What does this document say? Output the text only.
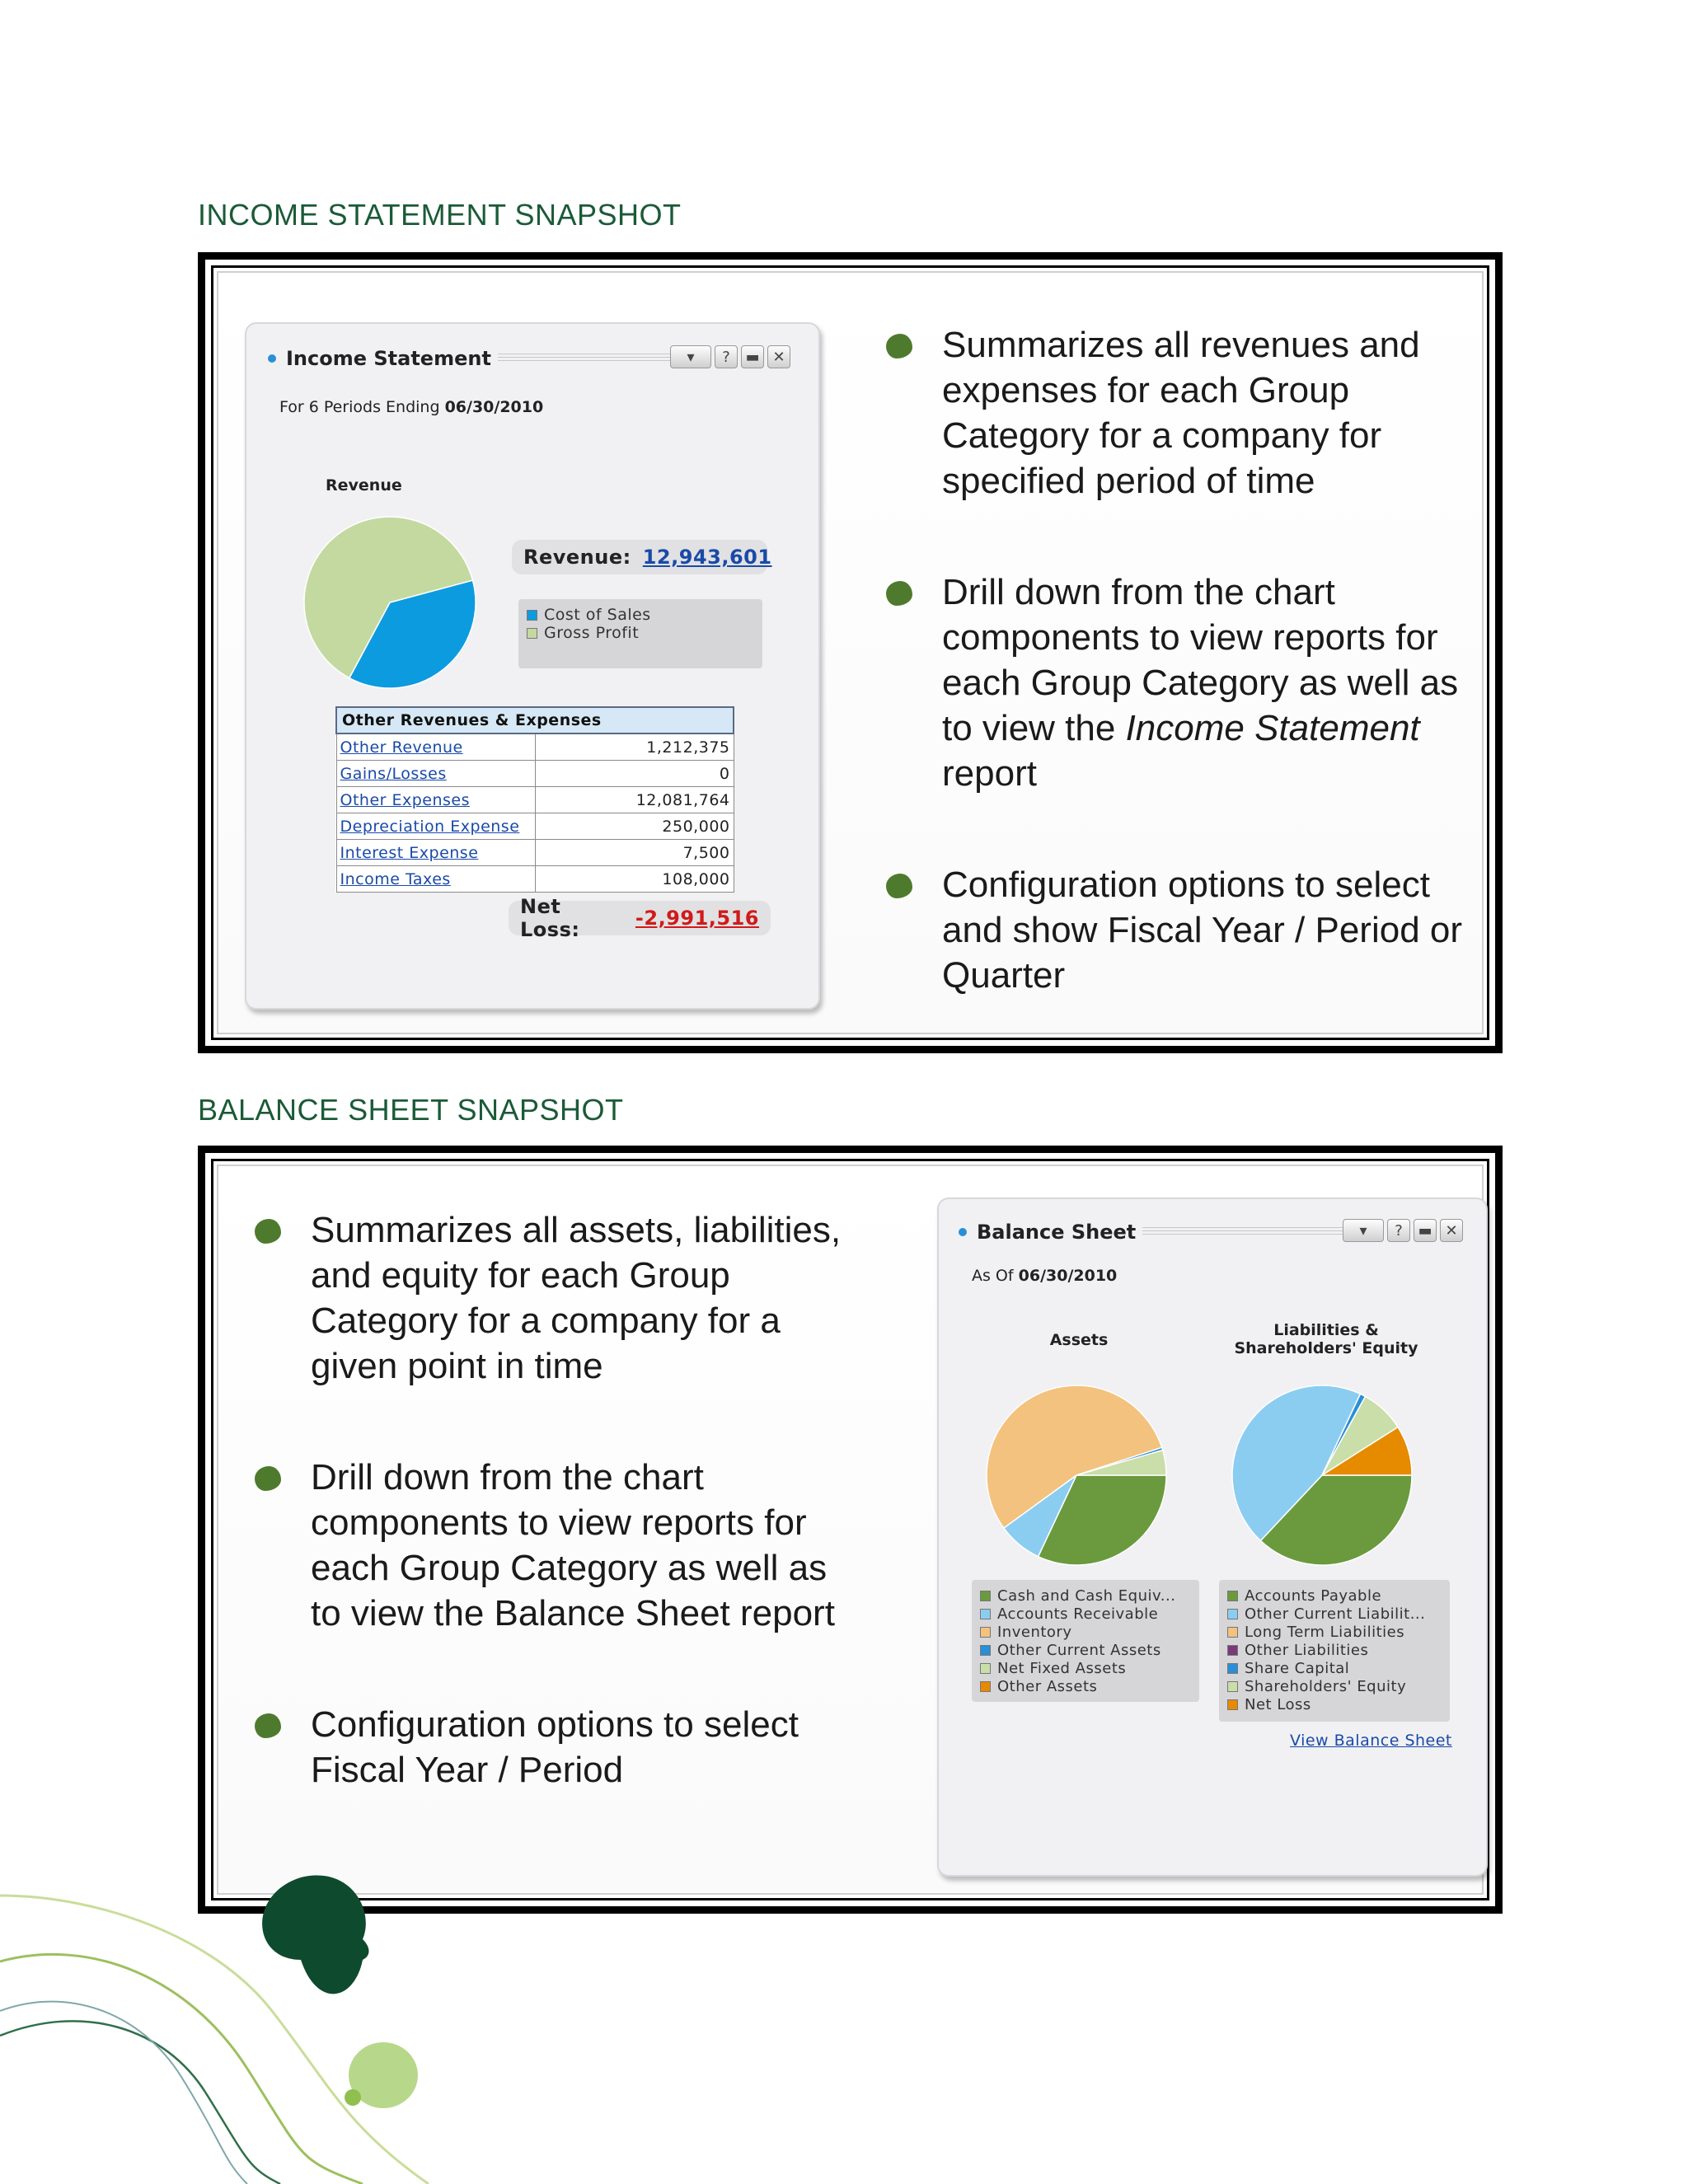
INCOME STATEMENT SNAPSHOT
Income Statement	▾	?	▬ ✕
For 6 Periods Ending 06/30/2010
Revenue
Revenue: 12,943,601
Cost of Sales
Gross Profit
Other Revenues & Expenses	
Other Revenue	1,212,375
Gains/Losses	0
Other Expenses	12,081,764
Depreciation Expense	250,000
Interest Expense	7,500
Income Taxes	108,000
Net Loss:	-2,991,516
Summarizes all revenues and expenses for each Group Category for a company for specified period of time
Drill down from the chart components to view reports for each Group Category as well as to view the Income Statement report
Configuration options to select and show Fiscal Year / Period or Quarter
BALANCE SHEET SNAPSHOT
Summarizes all assets, liabilities, and equity for each Group Category for a company for a given point in time
Drill down from the chart components to view reports for each Group Category as well as to view the Balance Sheet report
Configuration options to select Fiscal Year / Period
Balance Sheet	▾	?	▬ ✕
As Of 06/30/2010
Assets
Liabilities &
Shareholders' Equity
Cash and Cash Equiv...
Accounts Receivable
Inventory
Other Current Assets
Net Fixed Assets
Other Assets
Accounts Payable
Other Current Liabilit...
Long Term Liabilities
Other Liabilities
Share Capital
Shareholders' Equity
Net Loss
View Balance Sheet
